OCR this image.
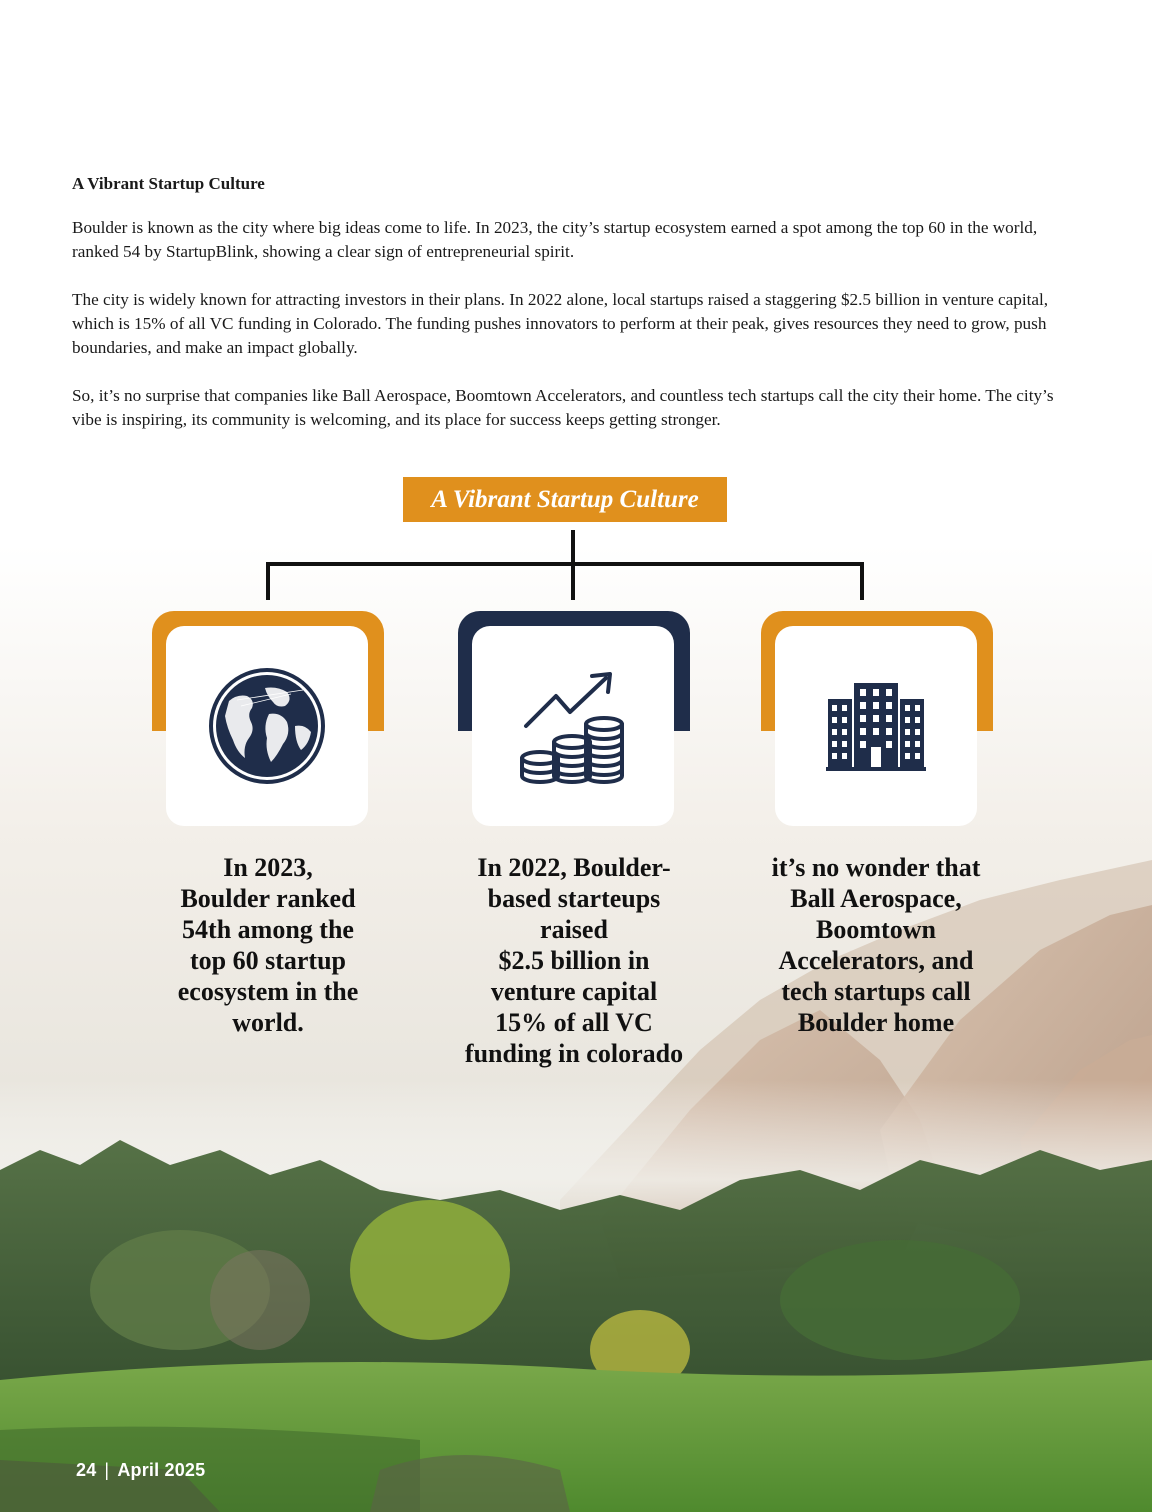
A Vibrant Startup Culture

Boulder is known as the city where big ideas come to life. In 2023, the city’s startup ecosystem earned a spot among the top 60 in the world, ranked 54 by StartupBlink, showing a clear sign of entrepreneurial spirit.

The city is widely known for attracting investors in their plans. In 2022 alone, local startups raised a staggering $2.5 billion in venture capital, which is 15% of all VC funding in Colorado. The funding pushes innovators to perform at their peak, gives resources they need to grow, push boundaries, and make an impact globally.

So, it’s no surprise that companies like Ball Aerospace, Boomtown Accelerators, and countless tech startups call the city their home. The city’s vibe is inspiring, its community is welcoming, and its place for success keeps getting stronger.

A Vibrant Startup Culture
In 2023,
Boulder ranked
54th among the
top 60 startup
ecosystem in the
world.
In 2022, Boulder-
based starteups
raised
$2.5 billion in
venture capital
15% of all VC
funding in colorado
it’s no wonder that
Ball Aerospace,
Boomtown
Accelerators, and
tech startups call
Boulder home
24 | April 2025
